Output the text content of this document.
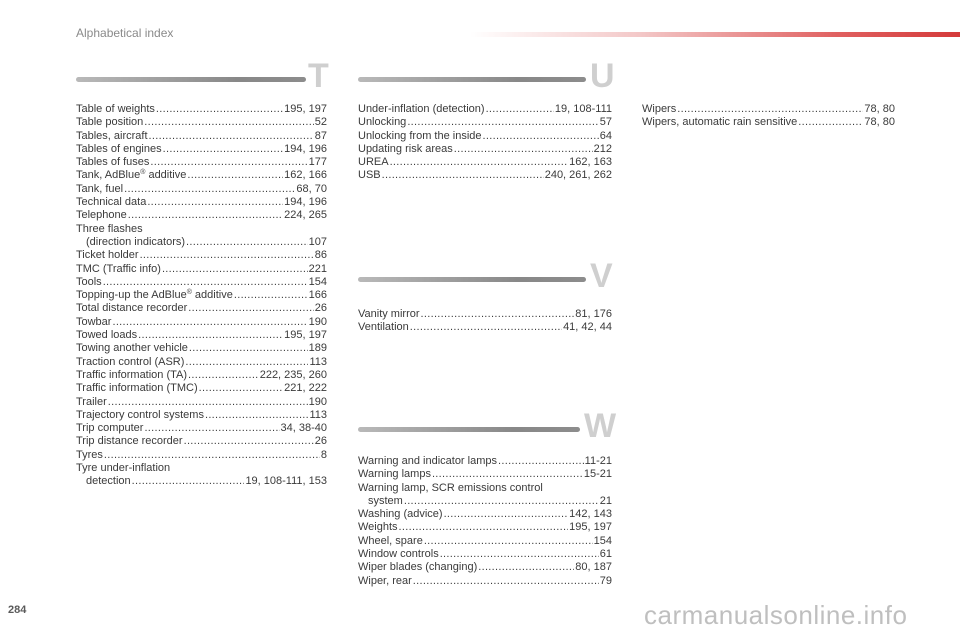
Alphabetical index
T
Table of weights .....	195, 197
Table position .....	52
Tables, aircraft .....	87
Tables of engines .....	194, 196
Tables of fuses .....	177
Tank, AdBlue® additive .....	162, 166
Tank, fuel .....	68, 70
Technical data .....	194, 196
Telephone .....	224, 265
Three flashes
(direction indicators) .....	107
Ticket holder .....	86
TMC (Traffic info) .....	221
Tools .....	154
Topping-up the AdBlue® additive .....	166
Total distance recorder .....	26
Towbar .....	190
Towed loads .....	195, 197
Towing another vehicle .....	189
Traction control (ASR) .....	113
Traffic information (TA) .....	222, 235, 260
Traffic information (TMC) .....	221, 222
Trailer .....	190
Trajectory control systems .....	113
Trip computer .....	34, 38-40
Trip distance recorder .....	26
Tyres .....	8
Tyre under-inflation
detection .....	19, 108-111, 153
U
Under-inflation (detection) .....	19, 108-111
Unlocking .....	57
Unlocking from the inside .....	64
Updating risk areas .....	212
UREA .....	162, 163
USB .....	240, 261, 262
V
Vanity mirror .....	81, 176
Ventilation .....	41, 42, 44
W
Warning and indicator lamps .....	11-21
Warning lamps .....	15-21
Warning lamp, SCR emissions control
system .....	21
Washing (advice) .....	142, 143
Weights .....	195, 197
Wheel, spare .....	154
Window controls .....	61
Wiper blades (changing) .....	80, 187
Wiper, rear .....	79
Wipers .....	78, 80
Wipers, automatic rain sensitive .....	78, 80
284	carmanualsonline.info
